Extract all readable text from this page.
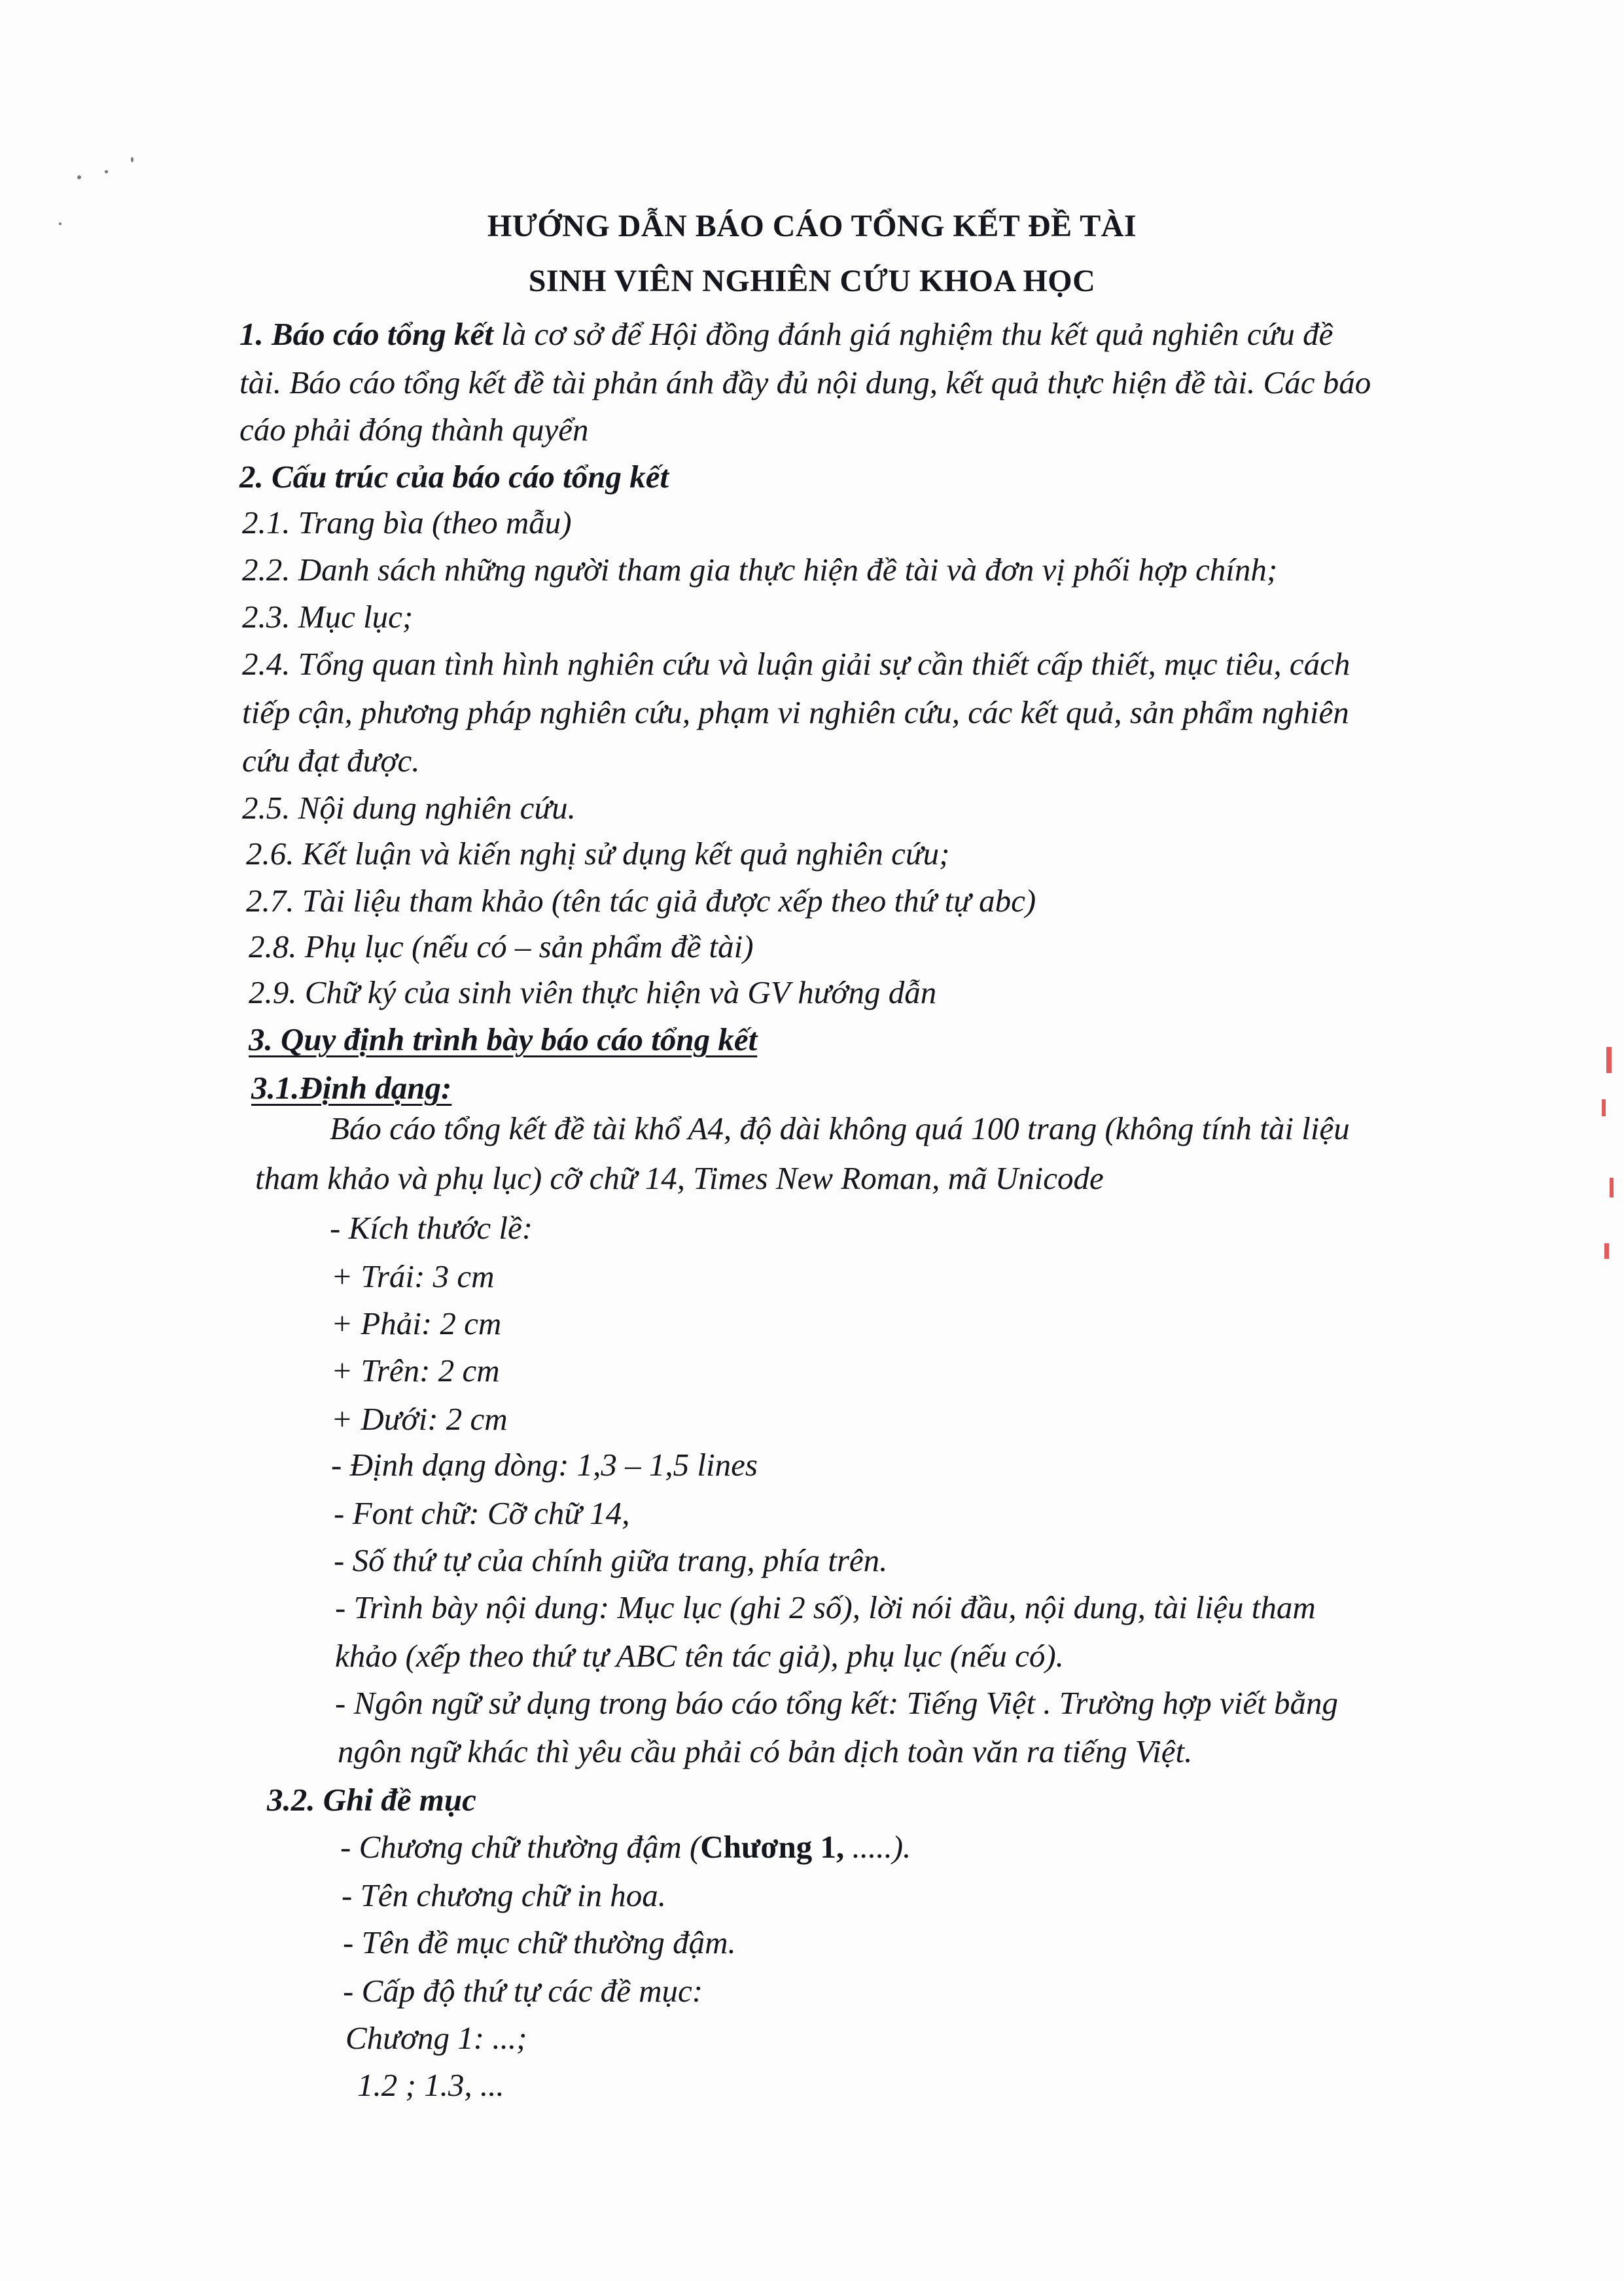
HƯỚNG DẪN BÁO CÁO TỔNG KẾT ĐỀ TÀI
SINH VIÊN NGHIÊN CỨU KHOA HỌC
1. Báo cáo tổng kết là cơ sở để Hội đồng đánh giá nghiệm thu kết quả nghiên cứu đề
tài. Báo cáo tổng kết đề tài phản ánh đầy đủ nội dung, kết quả thực hiện đề tài. Các báo
cáo phải đóng thành quyển
2. Cấu trúc của báo cáo tổng kết
2.1. Trang bìa (theo mẫu)
2.2. Danh sách những người tham gia thực hiện đề tài và đơn vị phối hợp chính;
2.3. Mục lục;
2.4. Tổng quan tình hình nghiên cứu và luận giải sự cần thiết cấp thiết, mục tiêu, cách
tiếp cận, phương pháp nghiên cứu, phạm vi nghiên cứu, các kết quả, sản phẩm nghiên
cứu đạt được.
2.5. Nội dung nghiên cứu.
2.6. Kết luận và kiến nghị sử dụng kết quả nghiên cứu;
2.7. Tài liệu tham khảo (tên tác giả được xếp theo thứ tự abc)
2.8. Phụ lục (nếu có – sản phẩm đề tài)
2.9. Chữ ký của sinh viên thực hiện và GV hướng dẫn
3. Quy định trình bày báo cáo tổng kết
3.1.Định dạng:
Báo cáo tổng kết đề tài khổ A4, độ dài không quá 100 trang (không tính tài liệu
tham khảo và phụ lục) cỡ chữ 14, Times New Roman, mã Unicode
- Kích thước lề:
+ Trái: 3 cm
+ Phải: 2 cm
+ Trên: 2 cm
+ Dưới: 2 cm
- Định dạng dòng: 1,3 – 1,5 lines
- Font chữ: Cỡ chữ 14,
- Số thứ tự của chính giữa trang, phía trên.
- Trình bày nội dung: Mục lục (ghi 2 số), lời nói đầu, nội dung, tài liệu tham
khảo (xếp theo thứ tự ABC tên tác giả), phụ lục (nếu có).
- Ngôn ngữ sử dụng trong báo cáo tổng kết: Tiếng Việt . Trường hợp viết bằng
ngôn ngữ khác thì yêu cầu phải có bản dịch toàn văn ra tiếng Việt.
3.2. Ghi đề mục
- Chương chữ thường đậm (Chương 1, .....).
- Tên chương chữ in hoa.
- Tên đề mục chữ thường đậm.
- Cấp độ thứ tự các đề mục:
Chương 1: ...;
1.2 ; 1.3, ...
